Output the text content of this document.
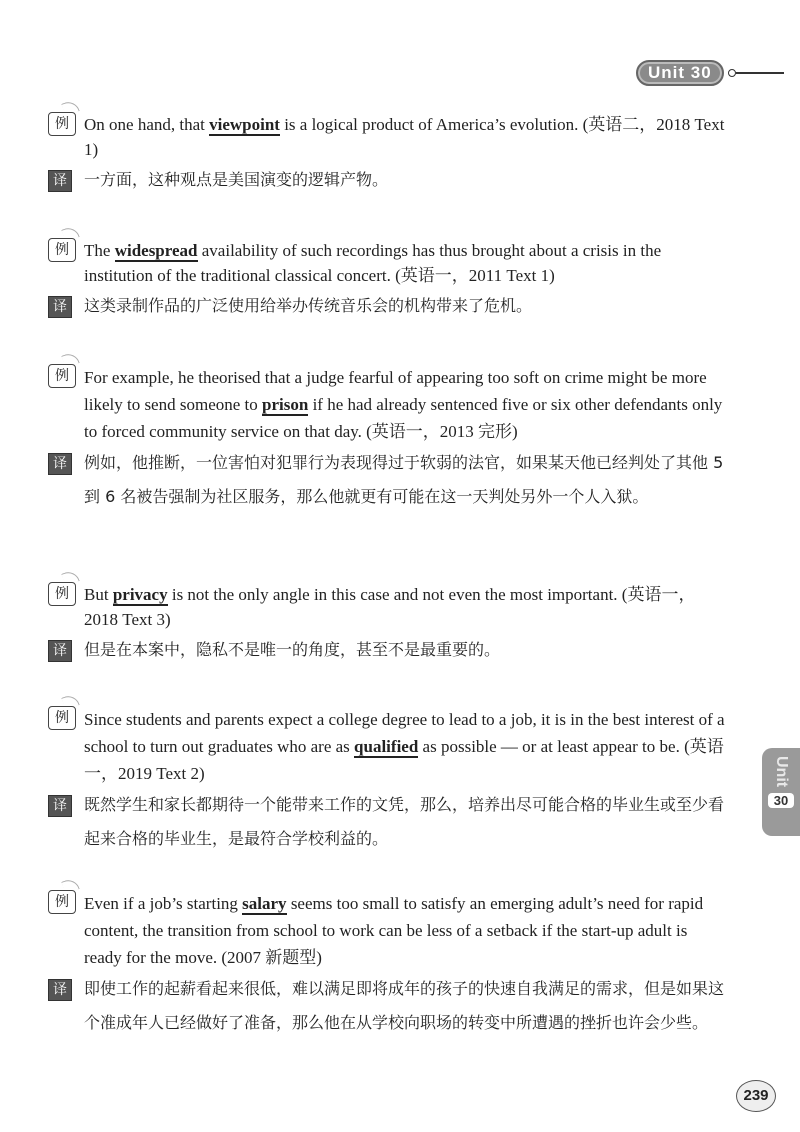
Unit 30
例 On one hand, that viewpoint is a logical product of America’s evolution. (英语二，2018 Text 1)
译	一方面，这种观点是美国演变的逻辑产物。
例 The widespread availability of such recordings has thus brought about a crisis in the institution of the traditional classical concert. (英语一，2011 Text 1)
译	这类录制作品的广泛使用给举办传统音乐会的机构带来了危机。
例 For example, he theorised that a judge fearful of appearing too soft on crime might be more likely to send someone to prison if he had already sentenced five or six other defendants only to forced community service on that day. (英语一，2013 完形)
译	例如，他推断，一位害怕对犯罪行为表现得过于软弱的法官，如果某天他已经判处了其他 5 到 6 名被告强制为社区服务，那么他就更有可能在这一天判处另外一个人入狱。
例 But privacy is not the only angle in this case and not even the most important. (英语一，2018 Text 3)
译	但是在本案中，隐私不是唯一的角度，甚至不是最重要的。
例 Since students and parents expect a college degree to lead to a job, it is in the best interest of a school to turn out graduates who are as qualified as possible — or at least appear to be. (英语一，2019 Text 2)
译	既然学生和家长都期待一个能带来工作的文凭，那么，培养出尽可能合格的毕业生或至少看起来合格的毕业生，是最符合学校利益的。
例 Even if a job’s starting salary seems too small to satisfy an emerging adult’s need for rapid content, the transition from school to work can be less of a setback if the start-up adult is ready for the move. (2007 新题型)
译	即使工作的起薪看起来很低，难以满足即将成年的孩子的快速自我满足的需求，但是如果这个准成年人已经做好了准备，那么他在从学校向职场的转变中所遭遇的挫折也许会少些。
Unit
30
239
